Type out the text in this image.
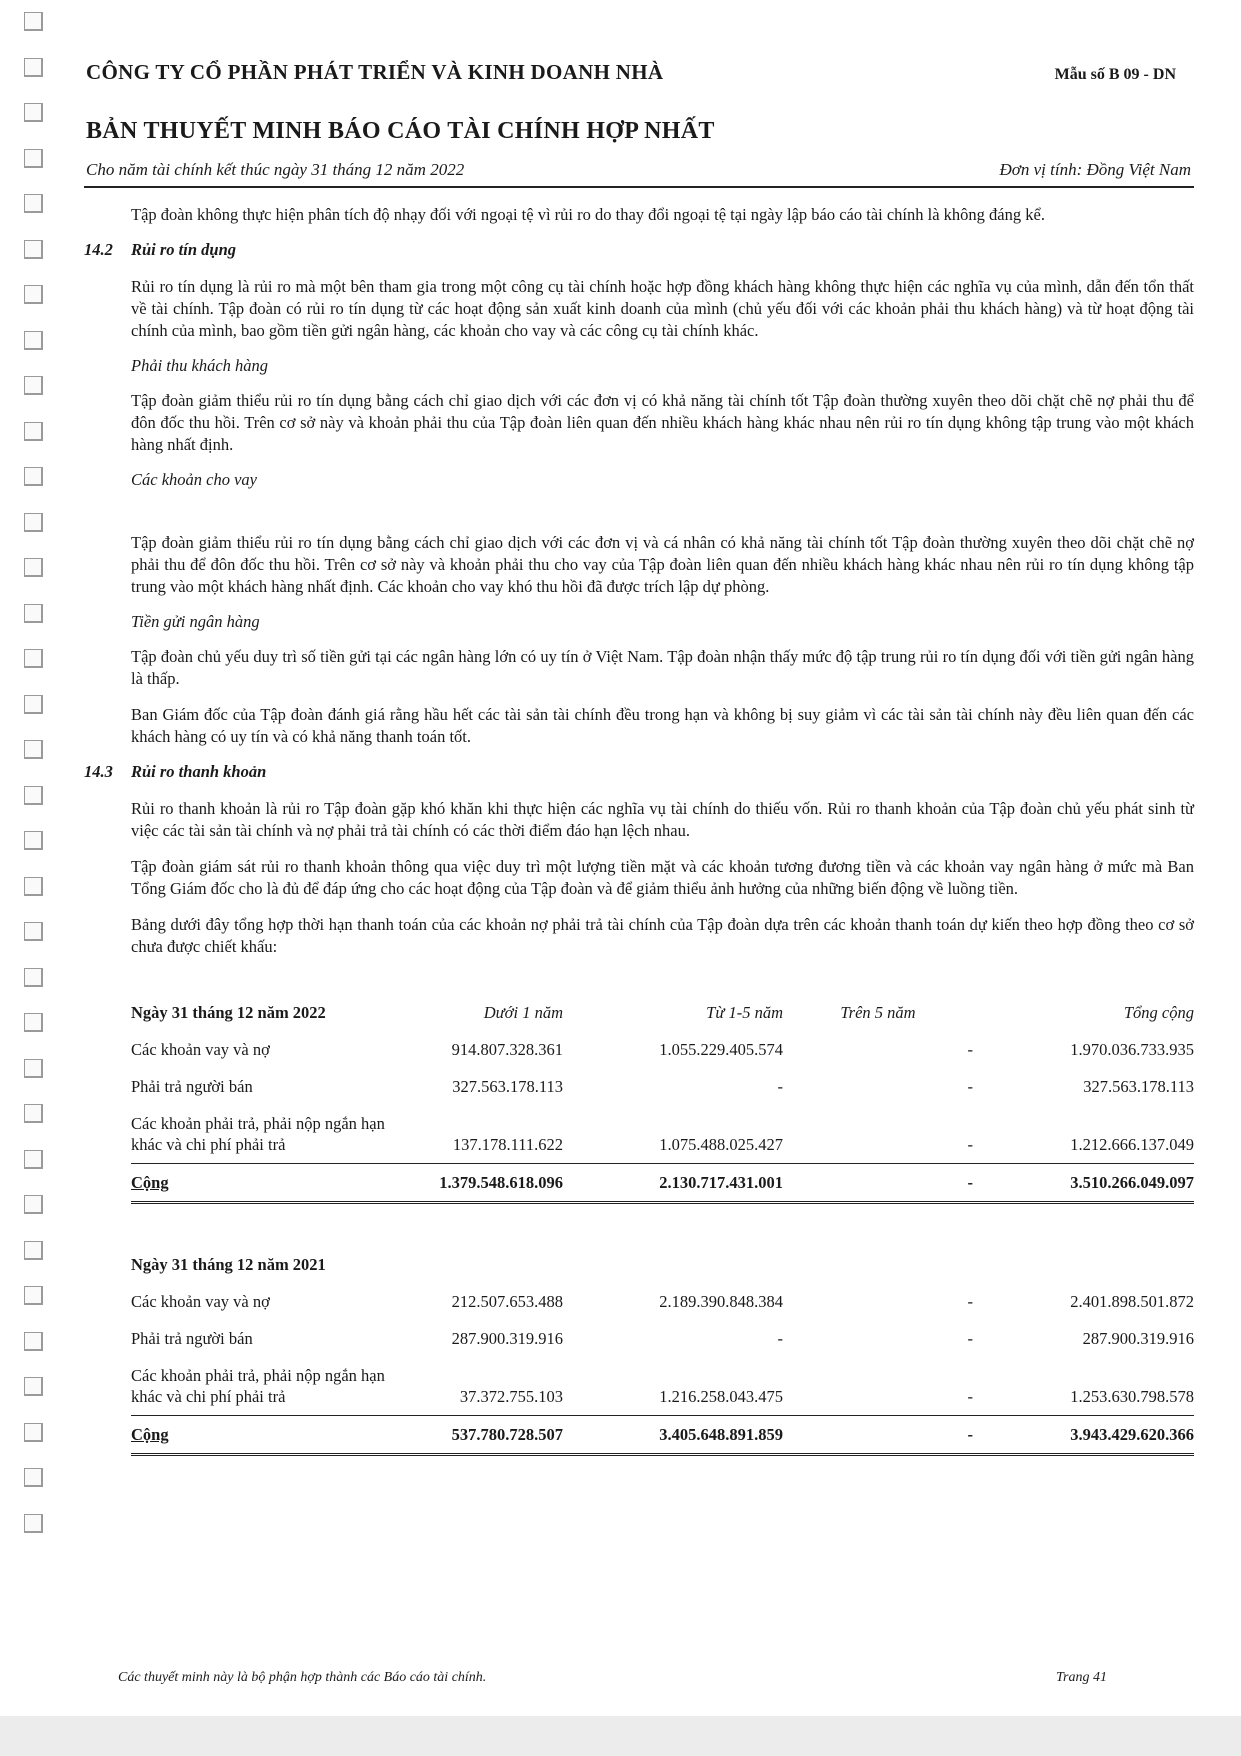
CÔNG TY CỔ PHẦN PHÁT TRIỂN VÀ KINH DOANH NHÀ	Mẫu số B 09 - DN
BẢN THUYẾT MINH BÁO CÁO TÀI CHÍNH HỢP NHẤT
Cho năm tài chính kết thúc ngày 31 tháng 12 năm 2022	Đơn vị tính: Đồng Việt Nam

Tập đoàn không thực hiện phân tích độ nhạy đối với ngoại tệ vì rủi ro do thay đổi ngoại tệ tại ngày lập báo cáo tài chính là không đáng kể.

14.2 Rủi ro tín dụng

Rủi ro tín dụng là rủi ro mà một bên tham gia trong một công cụ tài chính hoặc hợp đồng khách hàng không thực hiện các nghĩa vụ của mình, dẫn đến tổn thất về tài chính. Tập đoàn có rủi ro tín dụng từ các hoạt động sản xuất kinh doanh của mình (chủ yếu đối với các khoản phải thu khách hàng) và từ hoạt động tài chính của mình, bao gồm tiền gửi ngân hàng, các khoản cho vay và các công cụ tài chính khác.

Phải thu khách hàng

Tập đoàn giảm thiểu rủi ro tín dụng bằng cách chỉ giao dịch với các đơn vị có khả năng tài chính tốt Tập đoàn thường xuyên theo dõi chặt chẽ nợ phải thu để đôn đốc thu hồi. Trên cơ sở này và khoản phải thu của Tập đoàn liên quan đến nhiều khách hàng khác nhau nên rủi ro tín dụng không tập trung vào một khách hàng nhất định.

Các khoản cho vay

Tập đoàn giảm thiểu rủi ro tín dụng bằng cách chỉ giao dịch với các đơn vị và cá nhân có khả năng tài chính tốt Tập đoàn thường xuyên theo dõi chặt chẽ nợ phải thu để đôn đốc thu hồi. Trên cơ sở này và khoản phải thu cho vay của Tập đoàn liên quan đến nhiều khách hàng khác nhau nên rủi ro tín dụng không tập trung vào một khách hàng nhất định. Các khoản cho vay khó thu hồi đã được trích lập dự phòng.

Tiền gửi ngân hàng

Tập đoàn chủ yếu duy trì số tiền gửi tại các ngân hàng lớn có uy tín ở Việt Nam. Tập đoàn nhận thấy mức độ tập trung rủi ro tín dụng đối với tiền gửi ngân hàng là thấp.

Ban Giám đốc của Tập đoàn đánh giá rằng hầu hết các tài sản tài chính đều trong hạn và không bị suy giảm vì các tài sản tài chính này đều liên quan đến các khách hàng có uy tín và có khả năng thanh toán tốt.

14.3 Rủi ro thanh khoản

Rủi ro thanh khoản là rủi ro Tập đoàn gặp khó khăn khi thực hiện các nghĩa vụ tài chính do thiếu vốn. Rủi ro thanh khoản của Tập đoàn chủ yếu phát sinh từ việc các tài sản tài chính và nợ phải trả tài chính có các thời điểm đáo hạn lệch nhau.

Tập đoàn giám sát rủi ro thanh khoản thông qua việc duy trì một lượng tiền mặt và các khoản tương đương tiền và các khoản vay ngân hàng ở mức mà Ban Tổng Giám đốc cho là đủ để đáp ứng cho các hoạt động của Tập đoàn và để giảm thiểu ảnh hưởng của những biến động về luồng tiền.

Bảng dưới đây tổng hợp thời hạn thanh toán của các khoản nợ phải trả tài chính của Tập đoàn dựa trên các khoản thanh toán dự kiến theo hợp đồng theo cơ sở chưa được chiết khấu:

Ngày 31 tháng 12 năm 2022	Dưới 1 năm	Từ 1-5 năm	Trên 5 năm	Tổng cộng
Các khoản vay và nợ	914.807.328.361	1.055.229.405.574	-	1.970.036.733.935
Phải trả người bán	327.563.178.113	-	-	327.563.178.113
Các khoản phải trả, phải nộp ngắn hạn khác và chi phí phải trả	137.178.111.622	1.075.488.025.427	-	1.212.666.137.049
Cộng	1.379.548.618.096	2.130.717.431.001	-	3.510.266.049.097

Ngày 31 tháng 12 năm 2021				
Các khoản vay và nợ	212.507.653.488	2.189.390.848.384	-	2.401.898.501.872
Phải trả người bán	287.900.319.916	-	-	287.900.319.916
Các khoản phải trả, phải nộp ngắn hạn khác và chi phí phải trả	37.372.755.103	1.216.258.043.475	-	1.253.630.798.578
Cộng	537.780.728.507	3.405.648.891.859	-	3.943.429.620.366
Các thuyết minh này là bộ phận hợp thành các Báo cáo tài chính.	Trang 41
